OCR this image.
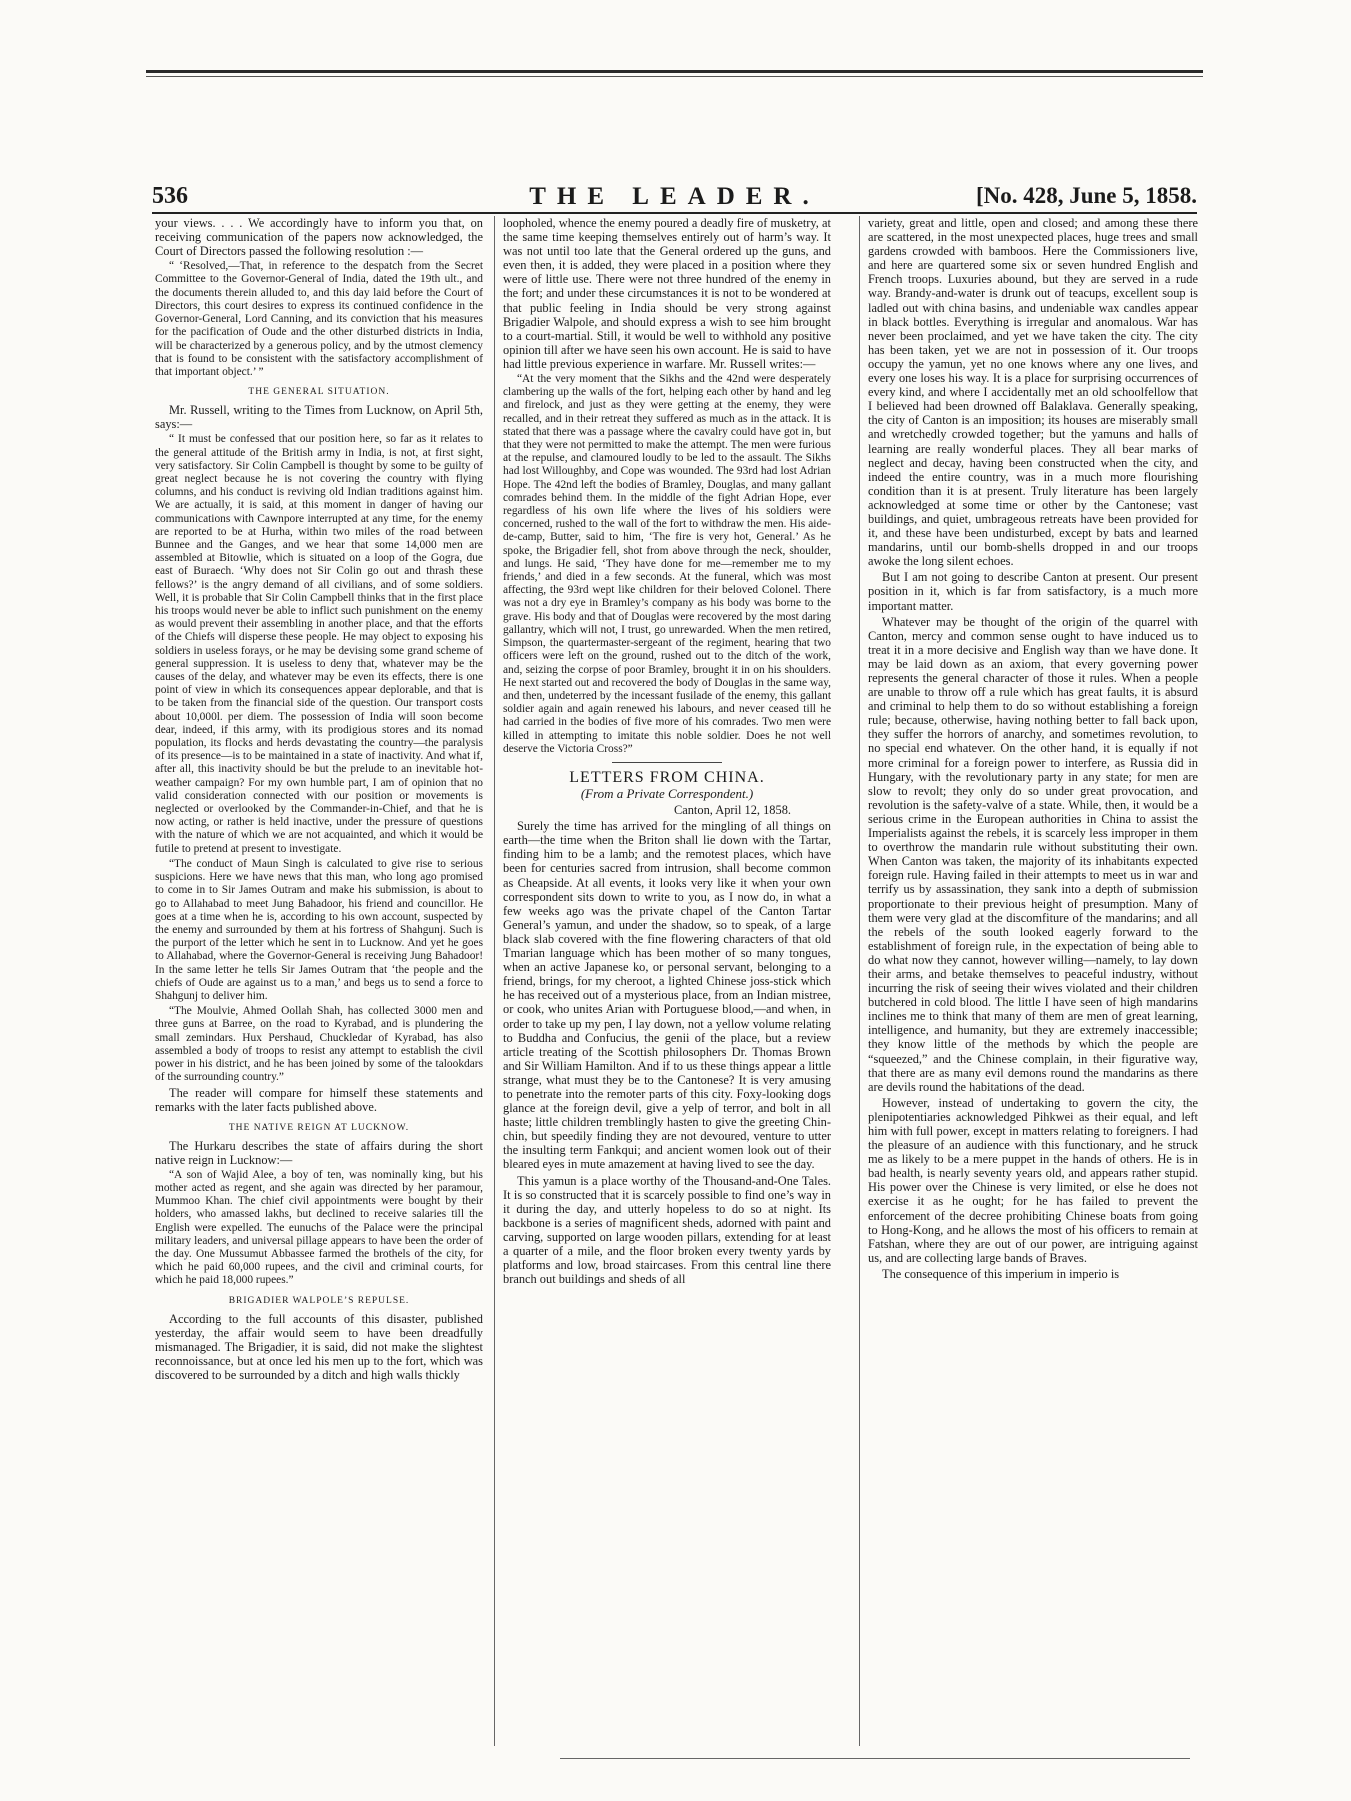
536	THE LEADER.	[No. 428, June 5, 1858.

your views. . . . We accordingly have to inform you that, on receiving communication of the papers now acknowledged, the Court of Directors passed the following resolution :—

“ ‘Resolved,—That, in reference to the despatch from the Secret Committee to the Governor-General of India, dated the 19th ult., and the documents therein alluded to, and this day laid before the Court of Directors, this court desires to express its continued confidence in the Governor-General, Lord Canning, and its conviction that his measures for the pacification of Oude and the other disturbed districts in India, will be characterized by a generous policy, and by the utmost clemency that is found to be consistent with the satisfactory accomplishment of that important object.’ ”

THE GENERAL SITUATION.

Mr. Russell, writing to the Times from Lucknow, on April 5th, says:—

“ It must be confessed that our position here, so far as it relates to the general attitude of the British army in India, is not, at first sight, very satisfactory. Sir Colin Campbell is thought by some to be guilty of great neglect because he is not covering the country with flying columns, and his conduct is reviving old Indian traditions against him. We are actually, it is said, at this moment in danger of having our communications with Cawnpore interrupted at any time, for the enemy are reported to be at Hurha, within two miles of the road between Bunnee and the Ganges, and we hear that some 14,000 men are assembled at Bitowlie, which is situated on a loop of the Gogra, due east of Buraech. ‘Why does not Sir Colin go out and thrash these fellows?’ is the angry demand of all civilians, and of some soldiers. Well, it is probable that Sir Colin Campbell thinks that in the first place his troops would never be able to inflict such punishment on the enemy as would prevent their assembling in another place, and that the efforts of the Chiefs will disperse these people. He may object to exposing his soldiers in useless forays, or he may be devising some grand scheme of general suppression. It is useless to deny that, whatever may be the causes of the delay, and whatever may be even its effects, there is one point of view in which its consequences appear deplorable, and that is to be taken from the financial side of the question. Our transport costs about 10,000l. per diem. The possession of India will soon become dear, indeed, if this army, with its prodigious stores and its nomad population, its flocks and herds devastating the country—the paralysis of its presence—is to be maintained in a state of inactivity. And what if, after all, this inactivity should be but the prelude to an inevitable hot-weather campaign? For my own humble part, I am of opinion that no valid consideration connected with our position or movements is neglected or overlooked by the Commander-in-Chief, and that he is now acting, or rather is held inactive, under the pressure of questions with the nature of which we are not acquainted, and which it would be futile to pretend at present to investigate.

“The conduct of Maun Singh is calculated to give rise to serious suspicions. Here we have news that this man, who long ago promised to come in to Sir James Outram and make his submission, is about to go to Allahabad to meet Jung Bahadoor, his friend and councillor. He goes at a time when he is, according to his own account, suspected by the enemy and surrounded by them at his fortress of Shahgunj. Such is the purport of the letter which he sent in to Lucknow. And yet he goes to Allahabad, where the Governor-General is receiving Jung Bahadoor! In the same letter he tells Sir James Outram that ‘the people and the chiefs of Oude are against us to a man,’ and begs us to send a force to Shahgunj to deliver him.

“The Moulvie, Ahmed Oollah Shah, has collected 3000 men and three guns at Barree, on the road to Kyrabad, and is plundering the small zemindars. Hux Pershaud, Chuckledar of Kyrabad, has also assembled a body of troops to resist any attempt to establish the civil power in his district, and he has been joined by some of the talookdars of the surrounding country.”

The reader will compare for himself these statements and remarks with the later facts published above.

THE NATIVE REIGN AT LUCKNOW.

The Hurkaru describes the state of affairs during the short native reign in Lucknow:—

“A son of Wajid Alee, a boy of ten, was nominally king, but his mother acted as regent, and she again was directed by her paramour, Mummoo Khan. The chief civil appointments were bought by their holders, who amassed lakhs, but declined to receive salaries till the English were expelled. The eunuchs of the Palace were the principal military leaders, and universal pillage appears to have been the order of the day. One Mussumut Abbassee farmed the brothels of the city, for which he paid 60,000 rupees, and the civil and criminal courts, for which he paid 18,000 rupees.”

BRIGADIER WALPOLE’S REPULSE.

According to the full accounts of this disaster, published yesterday, the affair would seem to have been dreadfully mismanaged. The Brigadier, it is said, did not make the slightest reconnoissance, but at once led his men up to the fort, which was discovered to be surrounded by a ditch and high walls thickly

loopholed, whence the enemy poured a deadly fire of musketry, at the same time keeping themselves entirely out of harm’s way. It was not until too late that the General ordered up the guns, and even then, it is added, they were placed in a position where they were of little use. There were not three hundred of the enemy in the fort; and under these circumstances it is not to be wondered at that public feeling in India should be very strong against Brigadier Walpole, and should express a wish to see him brought to a court-martial. Still, it would be well to withhold any positive opinion till after we have seen his own account. He is said to have had little previous experience in warfare. Mr. Russell writes:—

“At the very moment that the Sikhs and the 42nd were desperately clambering up the walls of the fort, helping each other by hand and leg and firelock, and just as they were getting at the enemy, they were recalled, and in their retreat they suffered as much as in the attack. It is stated that there was a passage where the cavalry could have got in, but that they were not permitted to make the attempt. The men were furious at the repulse, and clamoured loudly to be led to the assault. The Sikhs had lost Willoughby, and Cope was wounded. The 93rd had lost Adrian Hope. The 42nd left the bodies of Bramley, Douglas, and many gallant comrades behind them. In the middle of the fight Adrian Hope, ever regardless of his own life where the lives of his soldiers were concerned, rushed to the wall of the fort to withdraw the men. His aide-de-camp, Butter, said to him, ‘The fire is very hot, General.’ As he spoke, the Brigadier fell, shot from above through the neck, shoulder, and lungs. He said, ‘They have done for me—remember me to my friends,’ and died in a few seconds. At the funeral, which was most affecting, the 93rd wept like children for their beloved Colonel. There was not a dry eye in Bramley’s company as his body was borne to the grave. His body and that of Douglas were recovered by the most daring gallantry, which will not, I trust, go unrewarded. When the men retired, Simpson, the quartermaster-sergeant of the regiment, hearing that two officers were left on the ground, rushed out to the ditch of the work, and, seizing the corpse of poor Bramley, brought it in on his shoulders. He next started out and recovered the body of Douglas in the same way, and then, undeterred by the incessant fusilade of the enemy, this gallant soldier again and again renewed his labours, and never ceased till he had carried in the bodies of five more of his comrades. Two men were killed in attempting to imitate this noble soldier. Does he not well deserve the Victoria Cross?”

LETTERS FROM CHINA.
(From a Private Correspondent.)
Canton, April 12, 1858.

Surely the time has arrived for the mingling of all things on earth—the time when the Briton shall lie down with the Tartar, finding him to be a lamb; and the remotest places, which have been for centuries sacred from intrusion, shall become common as Cheapside. At all events, it looks very like it when your own correspondent sits down to write to you, as I now do, in what a few weeks ago was the private chapel of the Canton Tartar General’s yamun, and under the shadow, so to speak, of a large black slab covered with the fine flowering characters of that old Tmarian language which has been mother of so many tongues, when an active Japanese ko, or personal servant, belonging to a friend, brings, for my cheroot, a lighted Chinese joss-stick which he has received out of a mysterious place, from an Indian mistree, or cook, who unites Arian with Portuguese blood,—and when, in order to take up my pen, I lay down, not a yellow volume relating to Buddha and Confucius, the genii of the place, but a review article treating of the Scottish philosophers Dr. Thomas Brown and Sir William Hamilton. And if to us these things appear a little strange, what must they be to the Cantonese? It is very amusing to penetrate into the remoter parts of this city. Foxy-looking dogs glance at the foreign devil, give a yelp of terror, and bolt in all haste; little children tremblingly hasten to give the greeting Chin-chin, but speedily finding they are not devoured, venture to utter the insulting term Fankqui; and ancient women look out of their bleared eyes in mute amazement at having lived to see the day.

This yamun is a place worthy of the Thousand-and-One Tales. It is so constructed that it is scarcely possible to find one’s way in it during the day, and utterly hopeless to do so at night. Its backbone is a series of magnificent sheds, adorned with paint and carving, supported on large wooden pillars, extending for at least a quarter of a mile, and the floor broken every twenty yards by platforms and low, broad staircases. From this central line there branch out buildings and sheds of all

variety, great and little, open and closed; and among these there are scattered, in the most unexpected places, huge trees and small gardens crowded with bamboos. Here the Commissioners live, and here are quartered some six or seven hundred English and French troops. Luxuries abound, but they are served in a rude way. Brandy-and-water is drunk out of teacups, excellent soup is ladled out with china basins, and undeniable wax candles appear in black bottles. Everything is irregular and anomalous. War has never been proclaimed, and yet we have taken the city. The city has been taken, yet we are not in possession of it. Our troops occupy the yamun, yet no one knows where any one lives, and every one loses his way. It is a place for surprising occurrences of every kind, and where I accidentally met an old schoolfellow that I believed had been drowned off Balaklava. Generally speaking, the city of Canton is an imposition; its houses are miserably small and wretchedly crowded together; but the yamuns and halls of learning are really wonderful places. They all bear marks of neglect and decay, having been constructed when the city, and indeed the entire country, was in a much more flourishing condition than it is at present. Truly literature has been largely acknowledged at some time or other by the Cantonese; vast buildings, and quiet, umbrageous retreats have been provided for it, and these have been undisturbed, except by bats and learned mandarins, until our bomb-shells dropped in and our troops awoke the long silent echoes.

But I am not going to describe Canton at present. Our present position in it, which is far from satisfactory, is a much more important matter.

Whatever may be thought of the origin of the quarrel with Canton, mercy and common sense ought to have induced us to treat it in a more decisive and English way than we have done. It may be laid down as an axiom, that every governing power represents the general character of those it rules. When a people are unable to throw off a rule which has great faults, it is absurd and criminal to help them to do so without establishing a foreign rule; because, otherwise, having nothing better to fall back upon, they suffer the horrors of anarchy, and sometimes revolution, to no special end whatever. On the other hand, it is equally if not more criminal for a foreign power to interfere, as Russia did in Hungary, with the revolutionary party in any state; for men are slow to revolt; they only do so under great provocation, and revolution is the safety-valve of a state. While, then, it would be a serious crime in the European authorities in China to assist the Imperialists against the rebels, it is scarcely less improper in them to overthrow the mandarin rule without substituting their own. When Canton was taken, the majority of its inhabitants expected foreign rule. Having failed in their attempts to meet us in war and terrify us by assassination, they sank into a depth of submission proportionate to their previous height of presumption. Many of them were very glad at the discomfiture of the mandarins; and all the rebels of the south looked eagerly forward to the establishment of foreign rule, in the expectation of being able to do what now they cannot, however willing—namely, to lay down their arms, and betake themselves to peaceful industry, without incurring the risk of seeing their wives violated and their children butchered in cold blood. The little I have seen of high mandarins inclines me to think that many of them are men of great learning, intelligence, and humanity, but they are extremely inaccessible; they know little of the methods by which the people are “squeezed,” and the Chinese complain, in their figurative way, that there are as many evil demons round the mandarins as there are devils round the habitations of the dead.

However, instead of undertaking to govern the city, the plenipotentiaries acknowledged Pihkwei as their equal, and left him with full power, except in matters relating to foreigners. I had the pleasure of an audience with this functionary, and he struck me as likely to be a mere puppet in the hands of others. He is in bad health, is nearly seventy years old, and appears rather stupid. His power over the Chinese is very limited, or else he does not exercise it as he ought; for he has failed to prevent the enforcement of the decree prohibiting Chinese boats from going to Hong-Kong, and he allows the most of his officers to remain at Fatshan, where they are out of our power, are intriguing against us, and are collecting large bands of Braves.

The consequence of this imperium in imperio is
